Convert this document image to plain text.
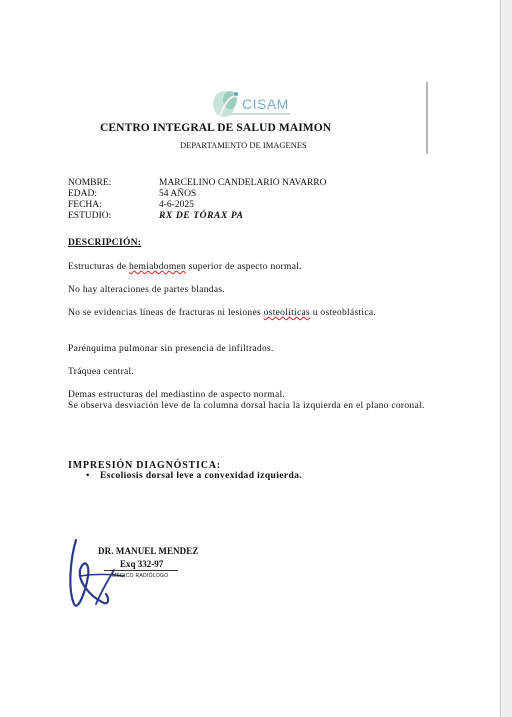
CISAM
CENTRO INTEGRAL DE SALUD MAIMON
DEPARTAMENTO DE IMAGENES
NOMBRE:	MARCELINO CANDELARIO NAVARRO
EDAD:	54 AÑOS
FECHA:	4-6-2025
ESTUDIO:	RX DE TÓRAX PA
DESCRIPCIÓN:
Estructuras de hemiabdomen superior de aspecto normal.
No hay alteraciones de partes blandas.
No se evidencias líneas de fracturas ni lesiones osteolíticas u osteoblástica.
Parénquima pulmonar sin presencia de infiltrados.
Tráquea central.
Demas estructuras del mediastino de aspecto normal.
Se observa desviación leve de la columna dorsal hacia la izquierda en el plano coronal.
IMPRESIÓN DIAGNÓSTICA:
• Escoliosis dorsal leve a convexidad izquierda.
DR. MANUEL MENDEZ
Exq 332-97
MÉDICO RADIÓLOGO
